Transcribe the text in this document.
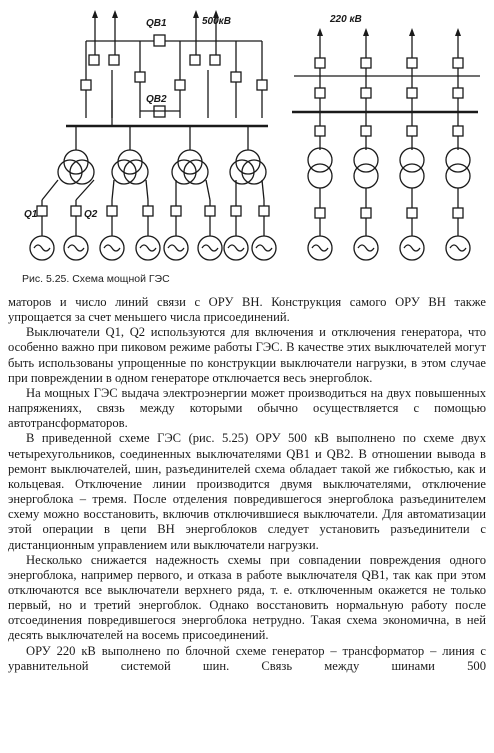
QB1	500кВ	220 кВ
QB2
Q1	Q2
Рис. 5.25. Схема мощной ГЭС

маторов и число линий связи с ОРУ ВН. Конструкция самого ОРУ ВН также упрощается за счет меньшего числа присоединений.

Выключатели Q1, Q2 используются для включения и отключения генератора, что особенно важно при пиковом режиме работы ГЭС. В качестве этих выключателей могут быть использованы упрощенные по конструкции выключатели нагрузки, в этом случае при повреждении в одном генераторе отключается весь энергоблок.

На мощных ГЭС выдача электроэнергии может производиться на двух повышенных напряжениях, связь между которыми обычно осуществляется с помощью автотрансформаторов.

В приведенной схеме ГЭС (рис. 5.25) ОРУ 500 кВ выполнено по схеме двух четырехугольников, соединенных выключателями QB1 и QB2. В отношении вывода в ремонт выключателей, шин, разъединителей схема обладает такой же гибкостью, как и кольцевая. Отключение линии производится двумя выключателями, отключение энергоблока – тремя. После отделения повредившегося энергоблока разъединителем схему можно восстановить, включив отключившиеся выключатели. Для автоматизации этой операции в цепи ВН энергоблоков следует установить разъединители с дистанционным управлением или выключатели нагрузки.

Несколько снижается надежность схемы при совпадении повреждения одного энергоблока, например первого, и отказа в работе выключателя QB1, так как при этом отключаются все выключатели верхнего ряда, т. е. отключенным окажется не только первый, но и третий энергоблок. Однако восстановить нормальную работу после отсоединения повредившегося энергоблока нетрудно. Такая схема экономична, в ней десять выключателей на восемь присоединений.

ОРУ 220 кВ выполнено по блочной схеме генератор – трансформатор – линия с уравнительной системой шин. Связь между шинами 500
